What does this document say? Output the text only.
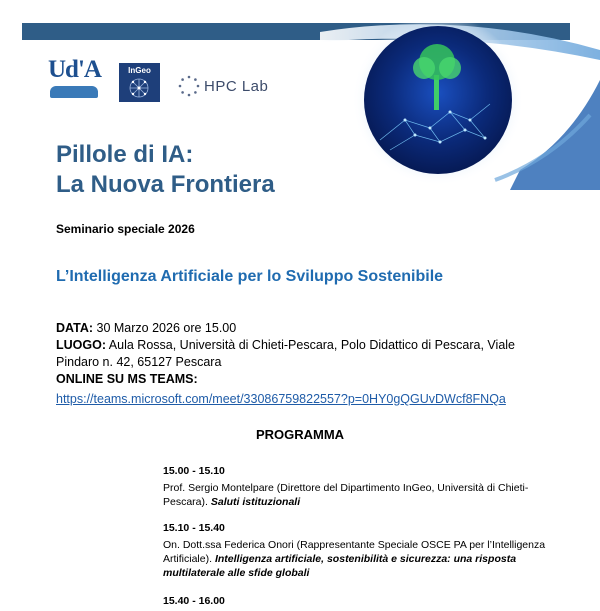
Ud'A	InGeo
HPC Lab
Pillole di IA:
La Nuova Frontiera
Seminario speciale 2026
L’Intelligenza Artificiale per lo Sviluppo Sostenibile
DATA: 30 Marzo 2026 ore 15.00
LUOGO: Aula Rossa, Università di Chieti-Pescara, Polo Didattico di Pescara, Viale Pindaro n. 42, 65127 Pescara
ONLINE SU MS TEAMS:
https://teams.microsoft.com/meet/33086759822557?p=0HY0gQGUvDWcf8FNQa
PROGRAMMA
15.00 - 15.10
Prof. Sergio Montelpare (Direttore del Dipartimento InGeo, Università di Chieti-Pescara). Saluti istituzionali
15.10 - 15.40
On. Dott.ssa Federica Onori (Rappresentante Speciale OSCE PA per l’Intelligenza Artificiale). Intelligenza artificiale, sostenibilità e sicurezza: una risposta multilaterale alle sfide globali
15.40 - 16.00
